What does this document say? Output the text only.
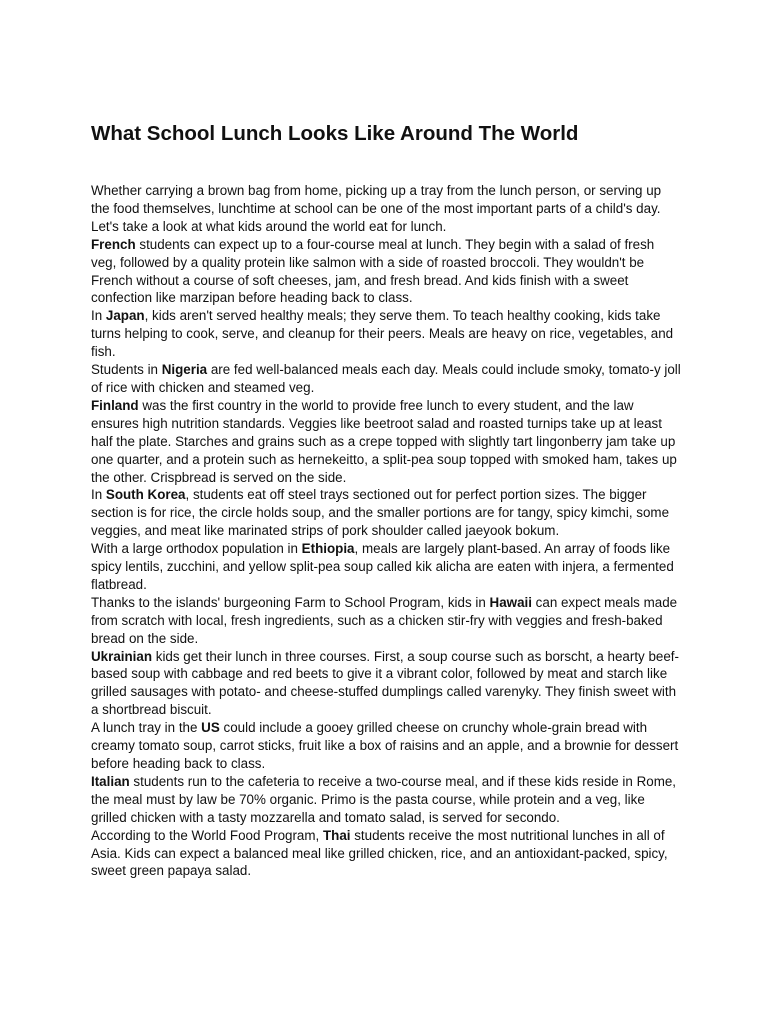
What School Lunch Looks Like Around The World

Whether carrying a brown bag from home, picking up a tray from the lunch person, or serving up the food themselves, lunchtime at school can be one of the most important parts of a child's day. Let's take a look at what kids around the world eat for lunch.

French students can expect up to a four-course meal at lunch. They begin with a salad of fresh veg, followed by a quality protein like salmon with a side of roasted broccoli. They wouldn't be French without a course of soft cheeses, jam, and fresh bread. And kids finish with a sweet confection like marzipan before heading back to class.

In Japan, kids aren't served healthy meals; they serve them. To teach healthy cooking, kids take turns helping to cook, serve, and cleanup for their peers. Meals are heavy on rice, vegetables, and fish.

Students in Nigeria are fed well-balanced meals each day. Meals could include smoky, tomato-y joll of rice with chicken and steamed veg.

Finland was the first country in the world to provide free lunch to every student, and the law ensures high nutrition standards. Veggies like beetroot salad and roasted turnips take up at least half the plate. Starches and grains such as a crepe topped with slightly tart lingonberry jam take up one quarter, and a protein such as hernekeitto, a split-pea soup topped with smoked ham, takes up the other. Crispbread is served on the side.

In South Korea, students eat off steel trays sectioned out for perfect portion sizes. The bigger section is for rice, the circle holds soup, and the smaller portions are for tangy, spicy kimchi, some veggies, and meat like marinated strips of pork shoulder called jaeyook bokum.

With a large orthodox population in Ethiopia, meals are largely plant-based. An array of foods like spicy lentils, zucchini, and yellow split-pea soup called kik alicha are eaten with injera, a fermented flatbread.

Thanks to the islands' burgeoning Farm to School Program, kids in Hawaii can expect meals made from scratch with local, fresh ingredients, such as a chicken stir-fry with veggies and fresh-baked bread on the side.

Ukrainian kids get their lunch in three courses. First, a soup course such as borscht, a hearty beef-based soup with cabbage and red beets to give it a vibrant color, followed by meat and starch like grilled sausages with potato- and cheese-stuffed dumplings called varenyky. They finish sweet with a shortbread biscuit.

A lunch tray in the US could include a gooey grilled cheese on crunchy whole-grain bread with creamy tomato soup, carrot sticks, fruit like a box of raisins and an apple, and a brownie for dessert before heading back to class.

Italian students run to the cafeteria to receive a two-course meal, and if these kids reside in Rome, the meal must by law be 70% organic. Primo is the pasta course, while protein and a veg, like grilled chicken with a tasty mozzarella and tomato salad, is served for secondo.

According to the World Food Program, Thai students receive the most nutritional lunches in all of Asia. Kids can expect a balanced meal like grilled chicken, rice, and an antioxidant-packed, spicy, sweet green papaya salad.
